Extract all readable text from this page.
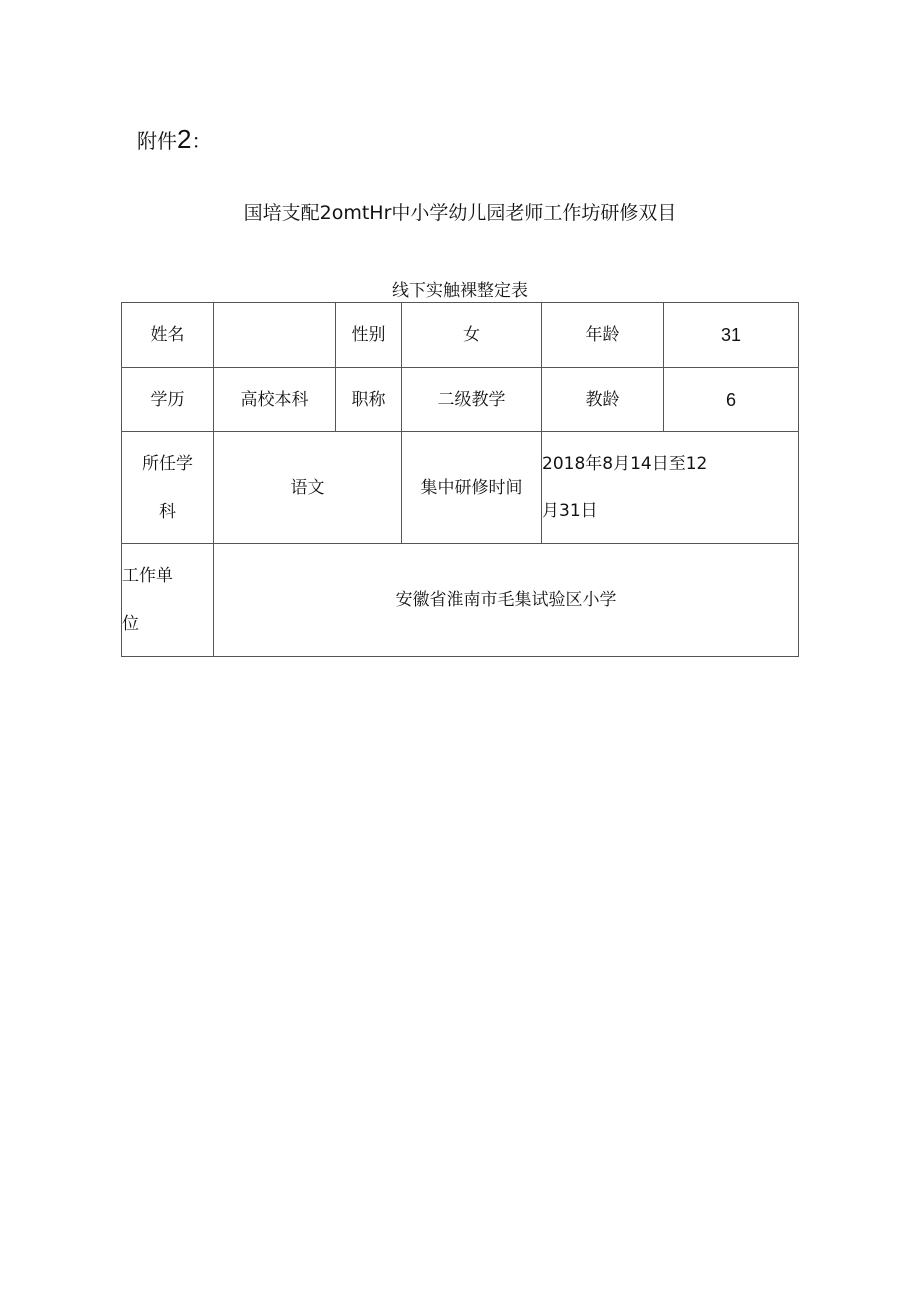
附件2：
国培支配2omtHr中小学幼儿园老师工作坊研修双目
线下实触裸整定表
姓名		性别	女	年龄	31
学历	高校本科	职称	二级教学	教龄	6
所任学科	语文		集中研修时间	2018年8月14日至12月31日	
工作单位	安徽省淮南市毛集试验区小学				
